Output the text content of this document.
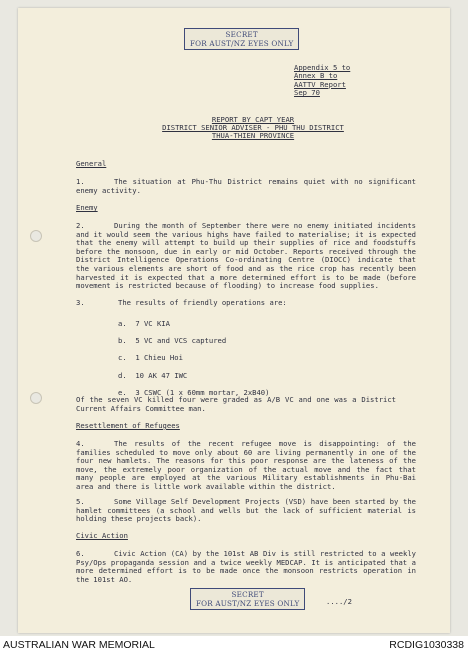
SECRET
FOR AUST/NZ EYES ONLY
Appendix 5 to
Annex B to
AATTV Report
Sep 70
REPORT BY CAPT YEAR
DISTRICT SENIOR ADVISER - PHU THU DISTRICT
THUA-THIEN PROVINCE
General
1.	The situation at Phu-Thu District remains quiet with no significant enemy activity.
Enemy
2.	During the month of September there were no enemy initiated incidents and it would seem the various highs have failed to materialise; it is expected that the enemy will attempt to build up their supplies of rice and foodstuffs before the monsoon, due in early or mid October. Reports received through the District Intelligence Operations Co-ordinating Centre (DIOCC) indicate that the various elements are short of food and as the rice crop has recently been harvested it is expected that a more determined effort is to be made (before movement is restricted because of flooding) to increase food supplies.
3.	The results of friendly operations are:
a. 7 VC KIA
b. 5 VC and VCS captured
c. 1 Chieu Hoi
d. 10 AK 47 IWC
e. 3 CSWC (1 x 60mm mortar, 2xB40)
Of the seven VC killed four were graded as A/B VC and one was a District Current Affairs Committee man.
Resettlement of Refugees
4.	The results of the recent refugee move is disappointing: of the families scheduled to move only about 60 are living permanently in one of the four new hamlets. The reasons for this poor response are the lateness of the move, the extremely poor organization of the actual move and the fact that many people are employed at the various Military establishments in Phu-Bai area and there is little work available within the district.
5.	Some Village Self Development Projects (VSD) have been started by the hamlet committees (a school and wells but the lack of sufficient material is holding these projects back).
Civic Action
6.	Civic Action (CA) by the 101st AB Div is still restricted to a weekly Psy/Ops propaganda session and a twice weekly MEDCAP. It is anticipated that a more determined effort is to be made once the monsoon restricts operation in the 101st AO.
SECRET
FOR AUST/NZ EYES ONLY	..../2
AUSTRALIAN WAR MEMORIAL	RCDIG1030338
